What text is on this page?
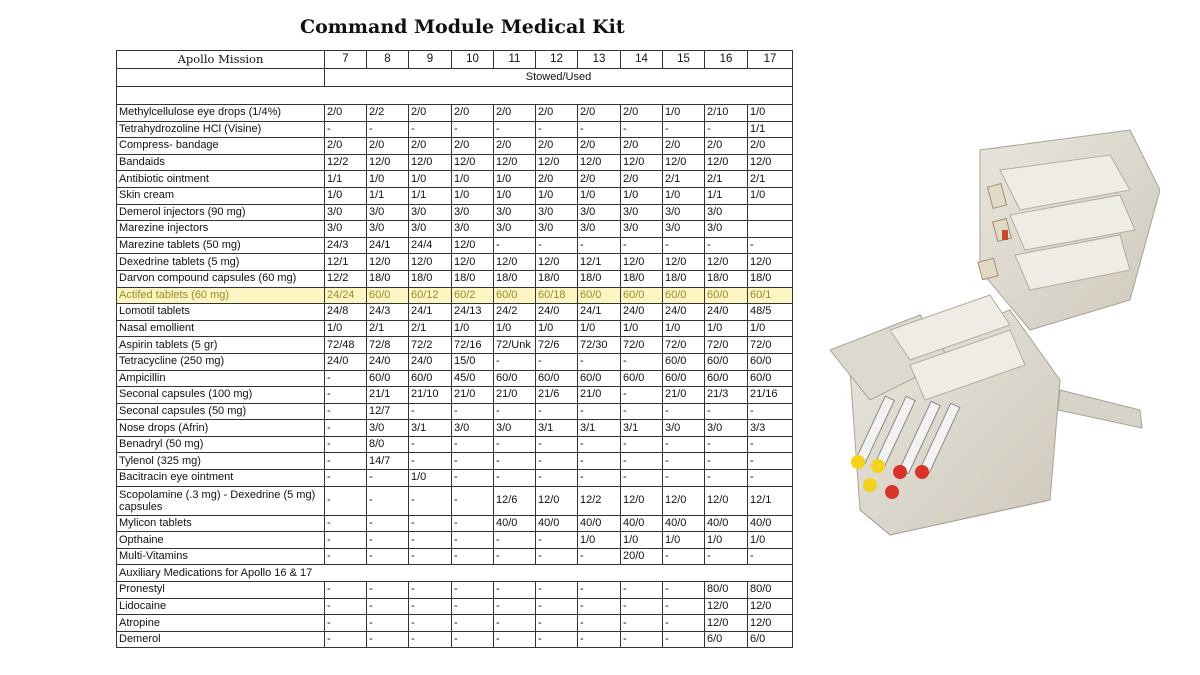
Command Module Medical Kit
Apollo Mission	7	8	9	10	11	12	13	14	15	16	17
	Stowed/Used										

Methylcellulose eye drops (1/4%)	2/0	2/2	2/0	2/0	2/0	2/0	2/0	2/0	1/0	2/10	1/0
Tetrahydrozoline HCl (Visine)	-	-	-	-	-	-	-	-	-	-	1/1
Compress- bandage	2/0	2/0	2/0	2/0	2/0	2/0	2/0	2/0	2/0	2/0	2/0
Bandaids	12/2	12/0	12/0	12/0	12/0	12/0	12/0	12/0	12/0	12/0	12/0
Antibiotic ointment	1/1	1/0	1/0	1/0	1/0	2/0	2/0	2/0	2/1	2/1	2/1
Skin cream	1/0	1/1	1/1	1/0	1/0	1/0	1/0	1/0	1/0	1/1	1/0
Demerol injectors (90 mg)	3/0	3/0	3/0	3/0	3/0	3/0	3/0	3/0	3/0	3/0	
Marezine injectors	3/0	3/0	3/0	3/0	3/0	3/0	3/0	3/0	3/0	3/0	
Marezine tablets (50 mg)	24/3	24/1	24/4	12/0	-	-	-	-	-	-	-
Dexedrine tablets (5 mg)	12/1	12/0	12/0	12/0	12/0	12/0	12/1	12/0	12/0	12/0	12/0
Darvon compound capsules (60 mg)	12/2	18/0	18/0	18/0	18/0	18/0	18/0	18/0	18/0	18/0	18/0
Actifed tablets (60 mg)	24/24	60/0	60/12	60/2	60/0	60/18	60/0	60/0	60/0	60/0	60/1
Lomotil tablets	24/8	24/3	24/1	24/13	24/2	24/0	24/1	24/0	24/0	24/0	48/5
Nasal emollient	1/0	2/1	2/1	1/0	1/0	1/0	1/0	1/0	1/0	1/0	1/0
Aspirin tablets (5 gr)	72/48	72/8	72/2	72/16	72/Unk	72/6	72/30	72/0	72/0	72/0	72/0
Tetracycline (250 mg)	24/0	24/0	24/0	15/0	-	-	-	-	60/0	60/0	60/0
Ampicillin	-	60/0	60/0	45/0	60/0	60/0	60/0	60/0	60/0	60/0	60/0
Seconal capsules (100 mg)	-	21/1	21/10	21/0	21/0	21/6	21/0	-	21/0	21/3	21/16
Seconal capsules (50 mg)	-	12/7	-	-	-	-	-	-	-	-	-
Nose drops (Afrin)	-	3/0	3/1	3/0	3/0	3/1	3/1	3/1	3/0	3/0	3/3
Benadryl (50 mg)	-	8/0	-	-	-	-	-	-	-	-	-
Tylenol (325 mg)	-	14/7	-	-	-	-	-	-	-	-	-
Bacitracin eye ointment	-	-	1/0	-	-	-	-	-	-	-	-
Scopolamine (.3 mg) - Dexedrine (5 mg) capsules	-	-	-	-	12/6	12/0	12/2	12/0	12/0	12/0	12/1
Mylicon tablets	-	-	-	-	40/0	40/0	40/0	40/0	40/0	40/0	40/0
Opthaine	-	-	-	-	-	-	1/0	1/0	1/0	1/0	1/0
Multi-Vitamins	-	-	-	-	-	-	-	20/0	-	-	-
Auxiliary Medications for Apollo 16 & 17											
Pronestyl	-	-	-	-	-	-	-	-	-	80/0	80/0
Lidocaine	-	-	-	-	-	-	-	-	-	12/0	12/0
Atropine	-	-	-	-	-	-	-	-	-	12/0	12/0
Demerol	-	-	-	-	-	-	-	-	-	6/0	6/0
